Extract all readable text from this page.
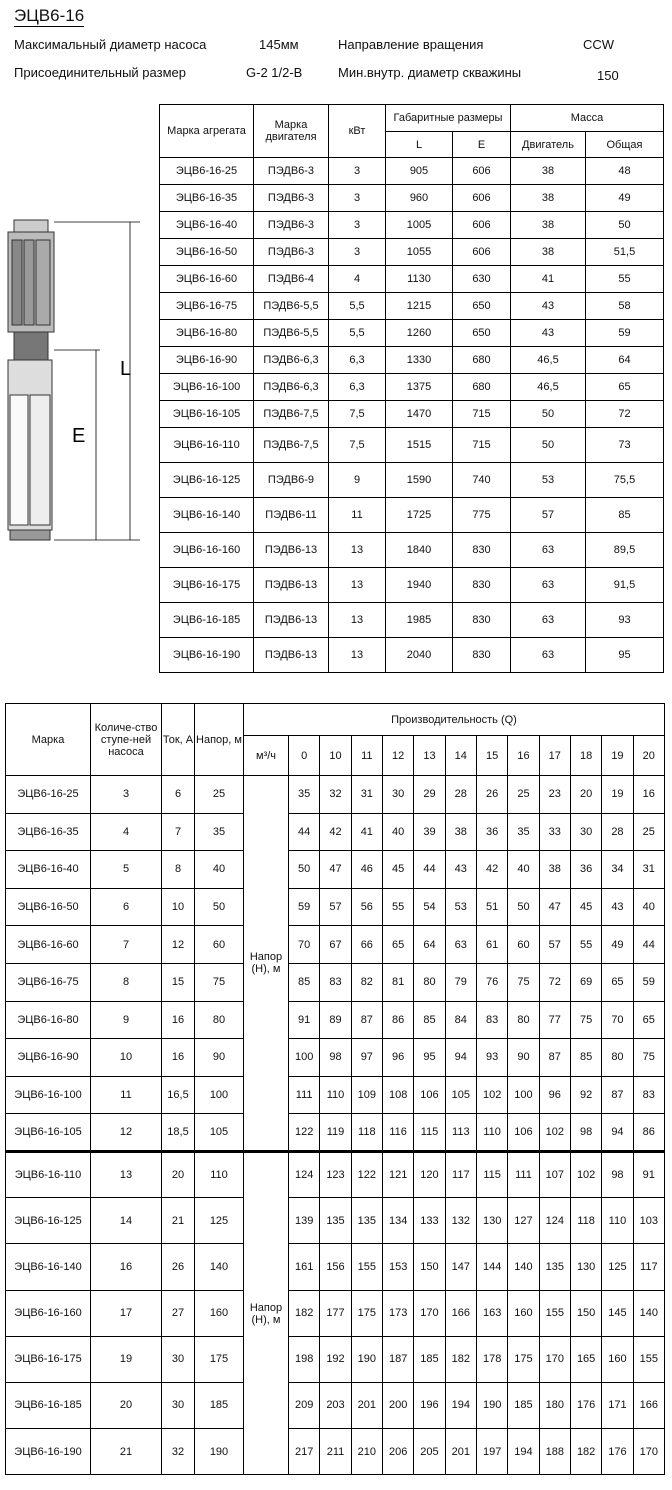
ЭЦВ6-16
Максимальный диаметр насоса	145мм	Направление вращения	CCW
Присоединительный размер	G-2 1/2-B	Мин.внутр. диаметр скважины	150
L
E
Марка агрегата	Марка двигателя	кВт	Габаритные размеры		Масса	
			L	E	Двигатель	Общая
ЭЦВ6-16-25	ПЭДВ6-3	3	905	606	38	48
ЭЦВ6-16-35	ПЭДВ6-3	3	960	606	38	49
ЭЦВ6-16-40	ПЭДВ6-3	3	1005	606	38	50
ЭЦВ6-16-50	ПЭДВ6-3	3	1055	606	38	51,5
ЭЦВ6-16-60	ПЭДВ6-4	4	1130	630	41	55
ЭЦВ6-16-75	ПЭДВ6-5,5	5,5	1215	650	43	58
ЭЦВ6-16-80	ПЭДВ6-5,5	5,5	1260	650	43	59
ЭЦВ6-16-90	ПЭДВ6-6,3	6,3	1330	680	46,5	64
ЭЦВ6-16-100	ПЭДВ6-6,3	6,3	1375	680	46,5	65
ЭЦВ6-16-105	ПЭДВ6-7,5	7,5	1470	715	50	72
ЭЦВ6-16-110	ПЭДВ6-7,5	7,5	1515	715	50	73
ЭЦВ6-16-125	ПЭДВ6-9	9	1590	740	53	75,5
ЭЦВ6-16-140	ПЭДВ6-11	11	1725	775	57	85
ЭЦВ6-16-160	ПЭДВ6-13	13	1840	830	63	89,5
ЭЦВ6-16-175	ПЭДВ6-13	13	1940	830	63	91,5
ЭЦВ6-16-185	ПЭДВ6-13	13	1985	830	63	93
ЭЦВ6-16-190	ПЭДВ6-13	13	2040	830	63	95
Марка	Количе-ство ступе-ней насоса	Ток, А	Напор, м	Производительность (Q)												
				м³/ч	0	10	11	12	13	14	15	16	17	18	19	20
ЭЦВ6-16-25	3	6	25	Напор (Н), м	35	32	31	30	29	28	26	25	23	20	19	16
ЭЦВ6-16-35	4	7	35		44	42	41	40	39	38	36	35	33	30	28	25
ЭЦВ6-16-40	5	8	40		50	47	46	45	44	43	42	40	38	36	34	31
ЭЦВ6-16-50	6	10	50		59	57	56	55	54	53	51	50	47	45	43	40
ЭЦВ6-16-60	7	12	60		70	67	66	65	64	63	61	60	57	55	49	44
ЭЦВ6-16-75	8	15	75		85	83	82	81	80	79	76	75	72	69	65	59
ЭЦВ6-16-80	9	16	80		91	89	87	86	85	84	83	80	77	75	70	65
ЭЦВ6-16-90	10	16	90		100	98	97	96	95	94	93	90	87	85	80	75
ЭЦВ6-16-100	11	16,5	100		111	110	109	108	106	105	102	100	96	92	87	83
ЭЦВ6-16-105	12	18,5	105		122	119	118	116	115	113	110	106	102	98	94	86
ЭЦВ6-16-110	13	20	110	Напор (Н), м	124	123	122	121	120	117	115	111	107	102	98	91
ЭЦВ6-16-125	14	21	125		139	135	135	134	133	132	130	127	124	118	110	103
ЭЦВ6-16-140	16	26	140		161	156	155	153	150	147	144	140	135	130	125	117
ЭЦВ6-16-160	17	27	160		182	177	175	173	170	166	163	160	155	150	145	140
ЭЦВ6-16-175	19	30	175		198	192	190	187	185	182	178	175	170	165	160	155
ЭЦВ6-16-185	20	30	185		209	203	201	200	196	194	190	185	180	176	171	166
ЭЦВ6-16-190	21	32	190		217	211	210	206	205	201	197	194	188	182	176	170
